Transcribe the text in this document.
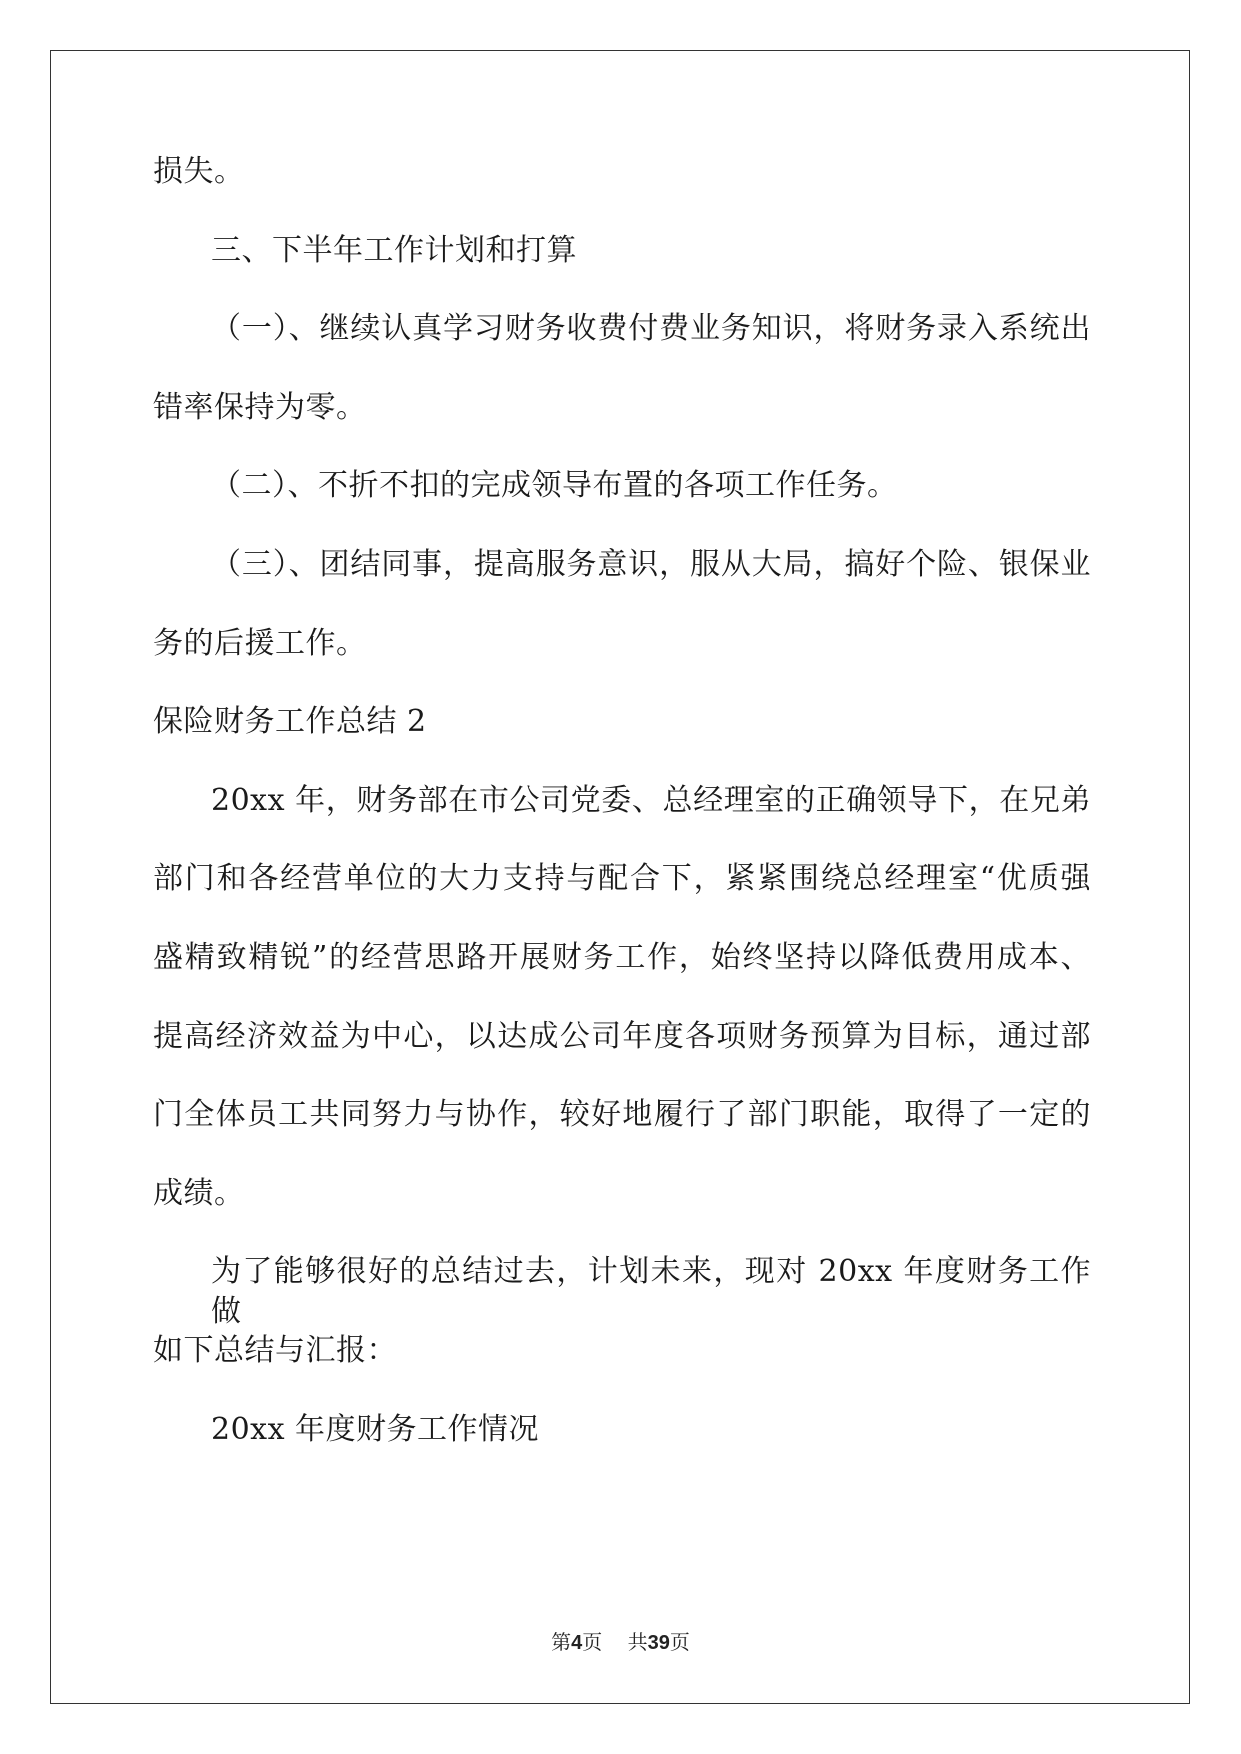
损失。
三、下半年工作计划和打算
（一）、继续认真学习财务收费付费业务知识，将财务录入系统出
错率保持为零。
（二）、不折不扣的完成领导布置的各项工作任务。
（三）、团结同事，提高服务意识，服从大局，搞好个险、银保业
务的后援工作。
保险财务工作总结 2
20xx 年，财务部在市公司党委、总经理室的正确领导下，在兄弟
部门和各经营单位的大力支持与配合下，紧紧围绕总经理室“优质强
盛精致精锐”的经营思路开展财务工作，始终坚持以降低费用成本、
提高经济效益为中心，以达成公司年度各项财务预算为目标，通过部
门全体员工共同努力与协作，较好地履行了部门职能，取得了一定的
成绩。
为了能够很好的总结过去，计划未来，现对 20xx 年度财务工作做
如下总结与汇报：
20xx 年度财务工作情况
第4页 共39页
